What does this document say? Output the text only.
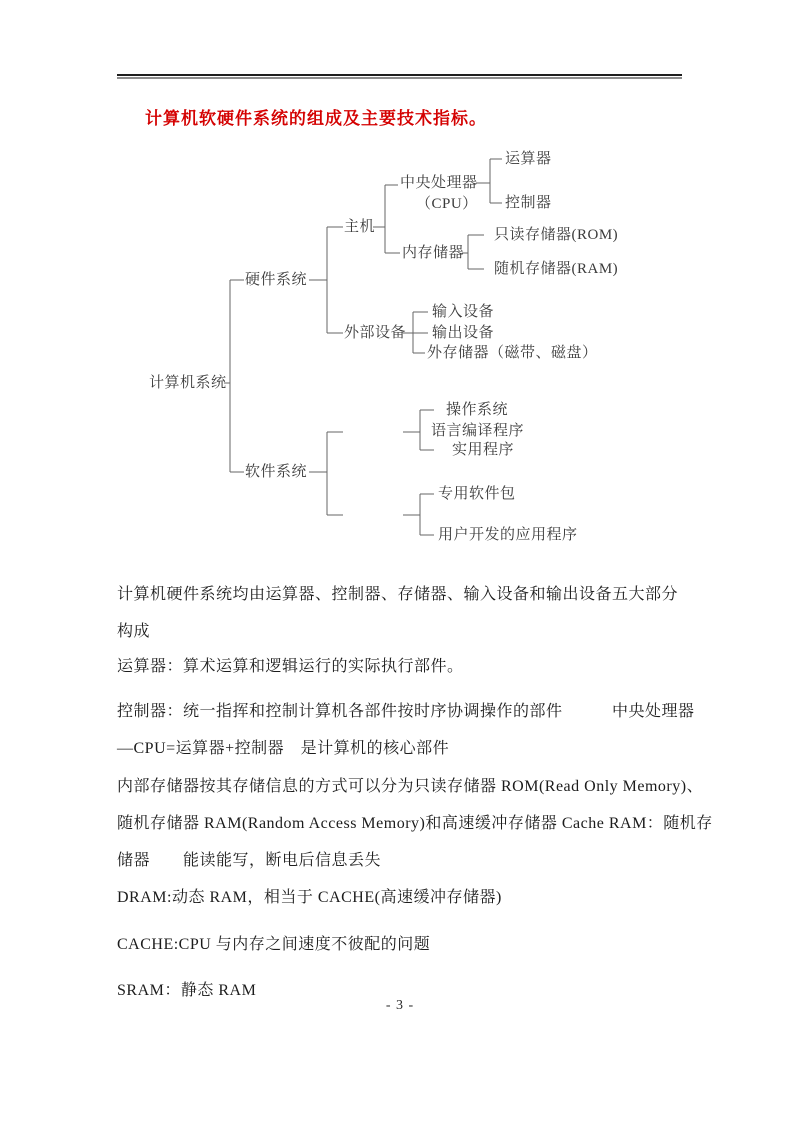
计算机软硬件系统的组成及主要技术指标。
计算机系统
硬件系统
软件系统
主机
外部设备
中央处理器
（CPU）
内存储器
运算器
控制器
只读存储器(ROM)
随机存储器(RAM)
输入设备
输出设备
外存储器（磁带、磁盘）
操作系统
语言编译程序
实用程序
专用软件包
用户开发的应用程序
计算机硬件系统均由运算器、控制器、存储器、输入设备和输出设备五大部分
构成
运算器：算术运算和逻辑运行的实际执行部件。
控制器：统一指挥和控制计算机各部件按时序协调操作的部件　　　中央处理器
—CPU=运算器+控制器　是计算机的核心部件
内部存储器按其存储信息的方式可以分为只读存储器 ROM(Read Only Memory)、
随机存储器 RAM(Random Access Memory)和高速缓冲存储器 Cache RAM：随机存
储器　　能读能写，断电后信息丢失
DRAM:动态 RAM，相当于 CACHE(高速缓冲存储器)
CACHE:CPU 与内存之间速度不彼配的问题
SRAM：静态 RAM
- 3 -
